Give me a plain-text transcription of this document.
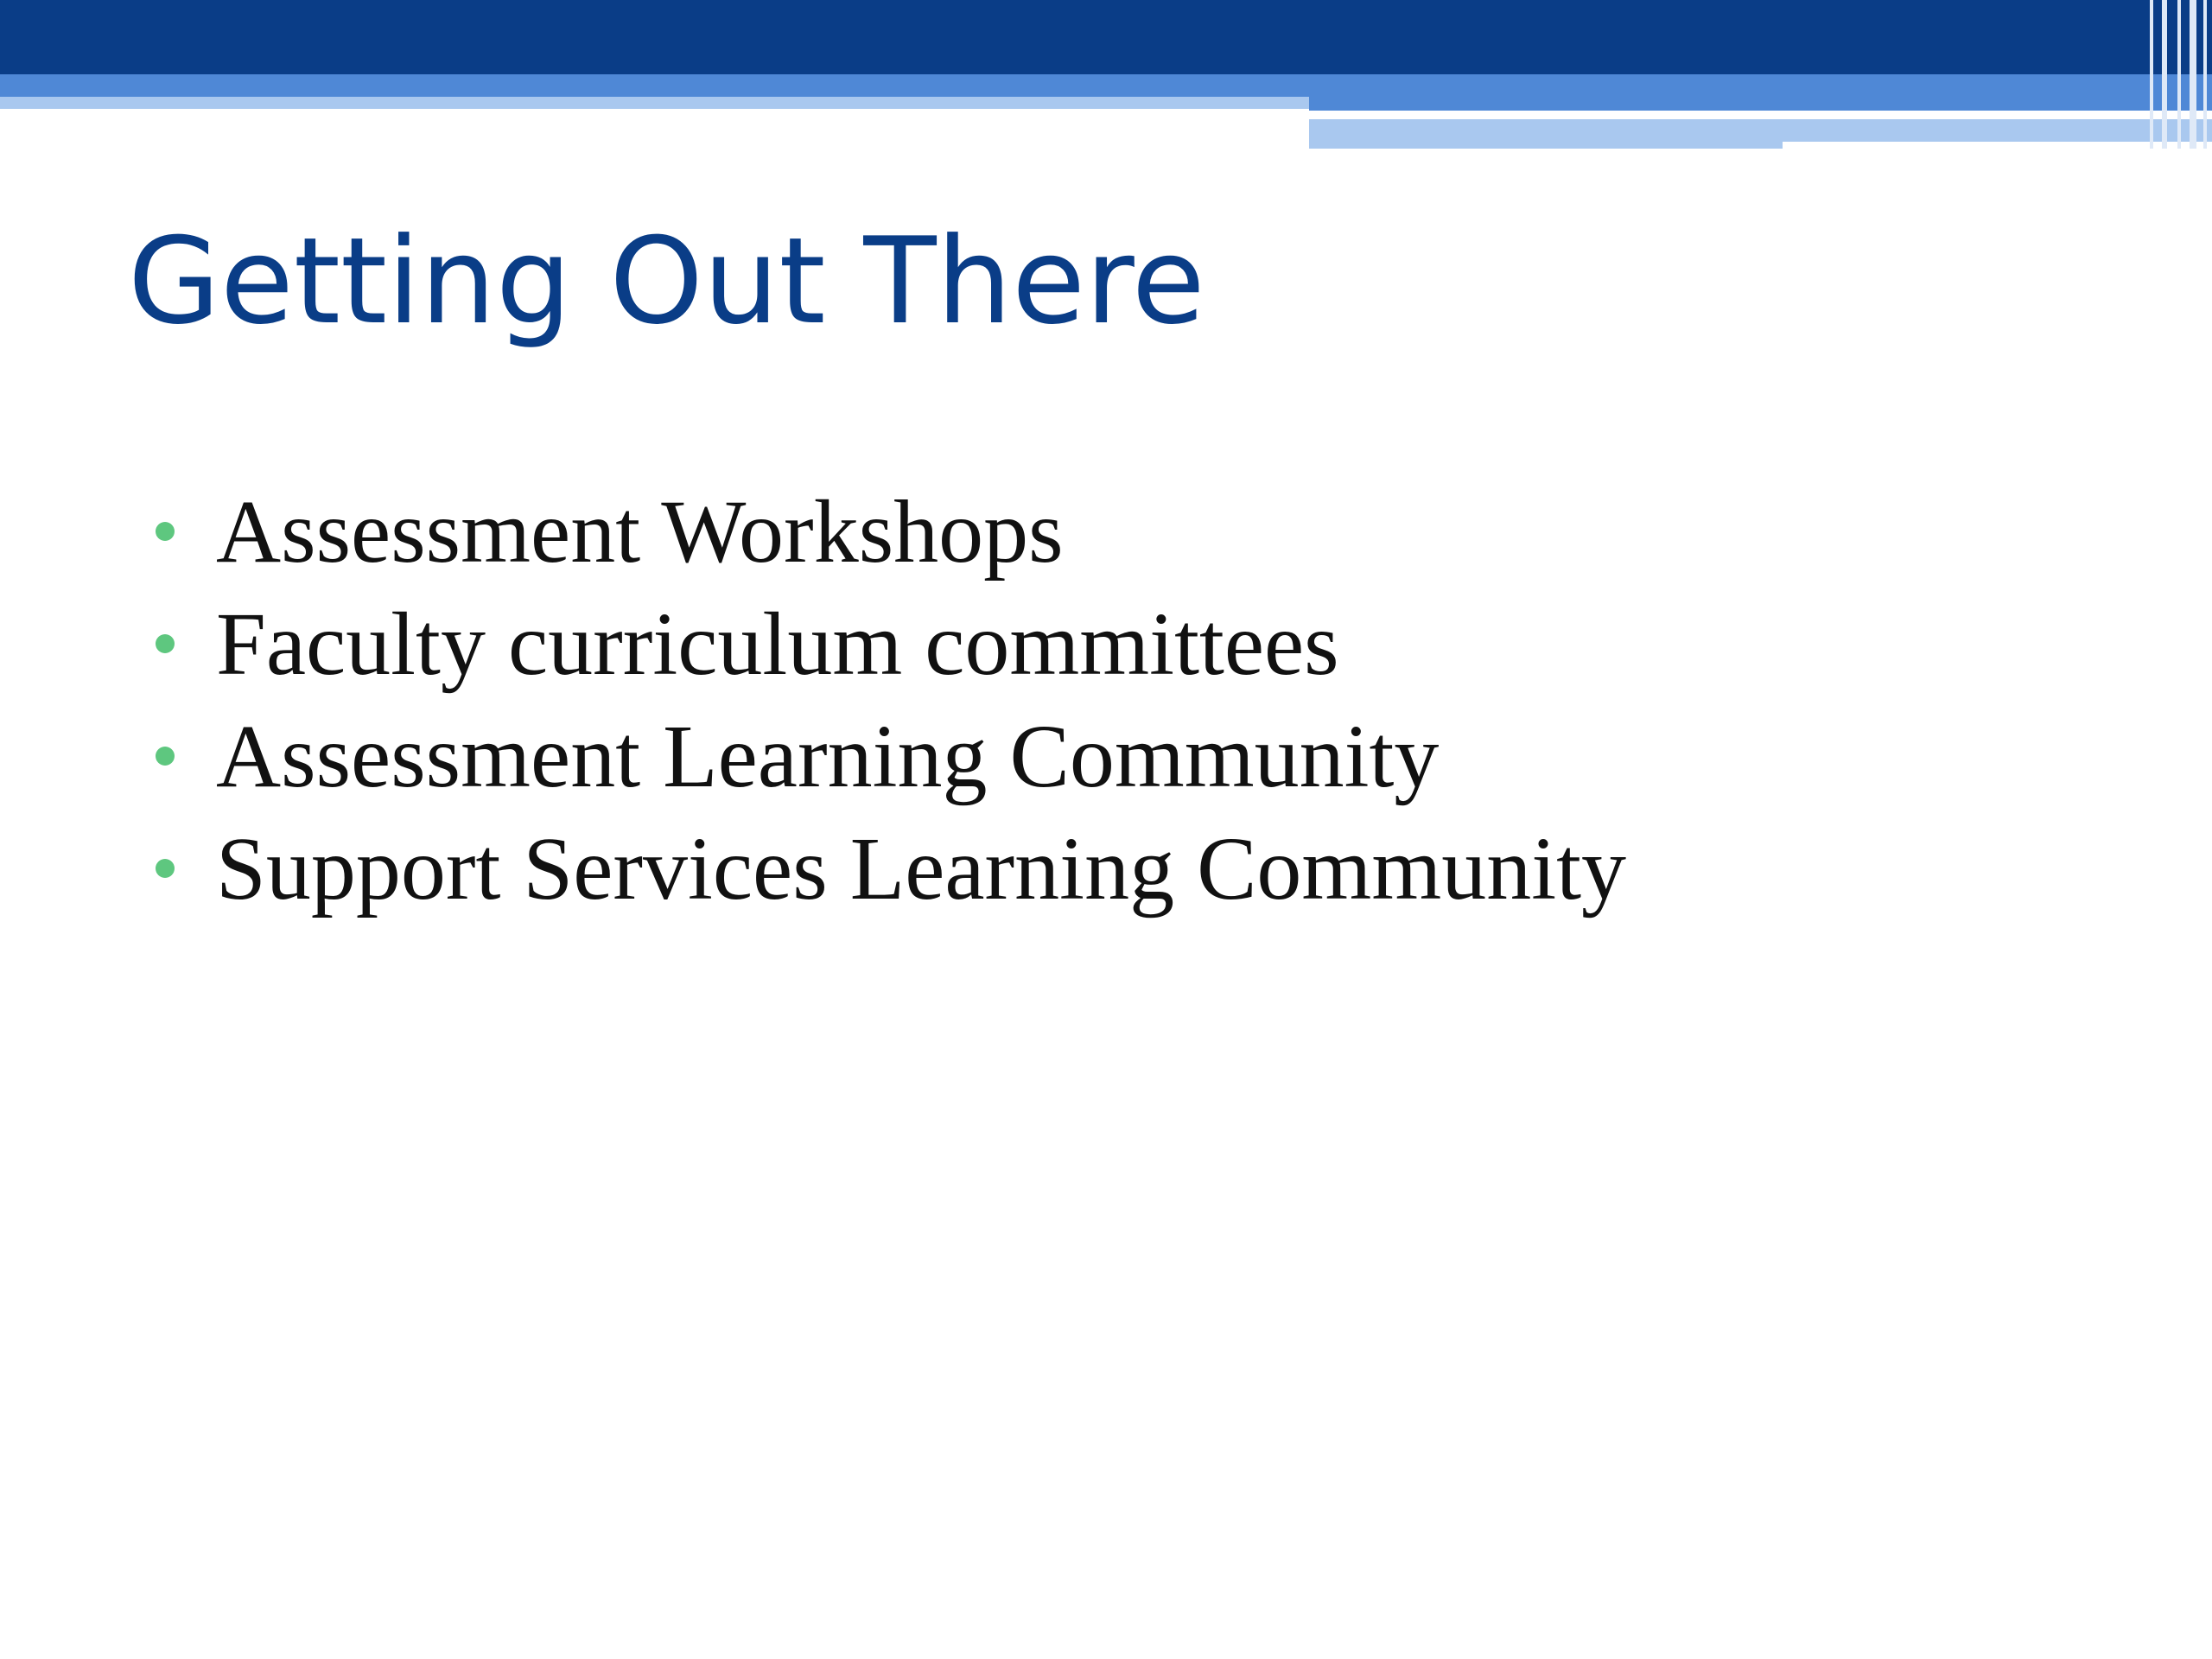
Getting Out There
Assessment Workshops
Faculty curriculum committees
Assessment Learning Community
Support Services Learning Community
